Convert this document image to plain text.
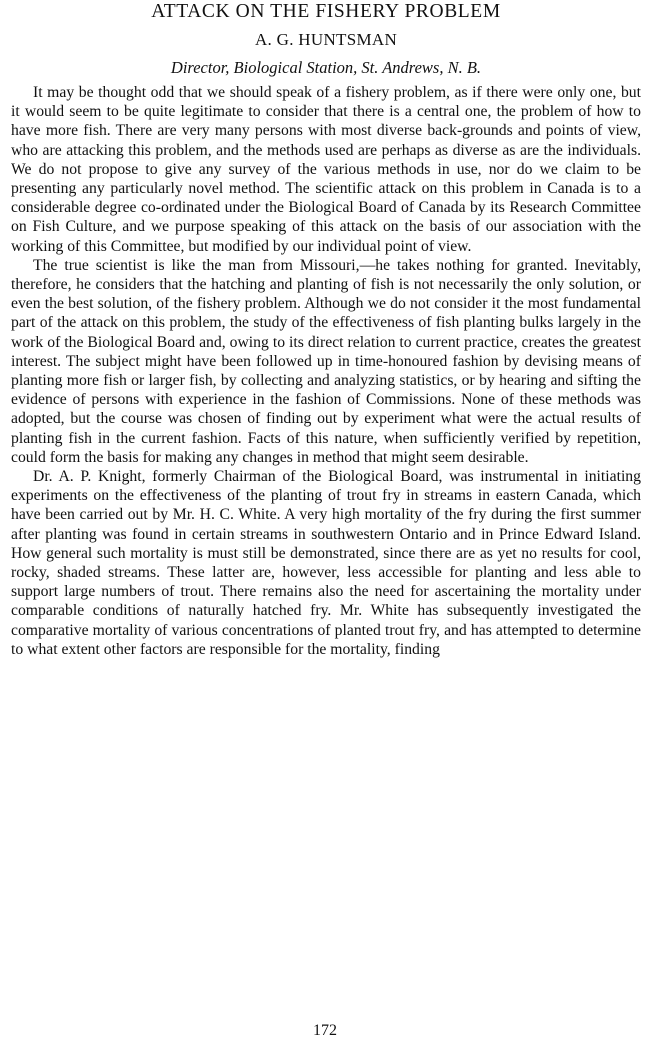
ATTACK ON THE FISHERY PROBLEM

A. G. HUNTSMAN

Director, Biological Station, St. Andrews, N. B.

It may be thought odd that we should speak of a fishery problem, as if there were only one, but it would seem to be quite legitimate to consider that there is a central one, the problem of how to have more fish. There are very many persons with most diverse back-grounds and points of view, who are attacking this problem, and the methods used are perhaps as diverse as are the individuals. We do not propose to give any survey of the various methods in use, nor do we claim to be presenting any particularly novel method. The scientific attack on this problem in Canada is to a considerable degree co-ordinated under the Biological Board of Canada by its Research Committee on Fish Culture, and we purpose speaking of this attack on the basis of our association with the working of this Committee, but modified by our individual point of view.

The true scientist is like the man from Missouri,—he takes nothing for granted. Inevitably, therefore, he considers that the hatching and planting of fish is not necessarily the only solution, or even the best solution, of the fishery problem. Although we do not consider it the most fundamental part of the attack on this problem, the study of the effectiveness of fish planting bulks largely in the work of the Biological Board and, owing to its direct relation to current practice, creates the greatest interest. The subject might have been followed up in time-honoured fashion by devising means of planting more fish or larger fish, by collecting and analyzing statistics, or by hearing and sifting the evidence of persons with experience in the fashion of Commissions. None of these methods was adopted, but the course was chosen of finding out by experiment what were the actual results of planting fish in the current fashion. Facts of this nature, when sufficiently verified by repetition, could form the basis for making any changes in method that might seem desirable.

Dr. A. P. Knight, formerly Chairman of the Biological Board, was instrumental in initiating experiments on the effectiveness of the planting of trout fry in streams in eastern Canada, which have been carried out by Mr. H. C. White. A very high mortality of the fry during the first summer after planting was found in certain streams in southwestern Ontario and in Prince Edward Island. How general such mortality is must still be demonstrated, since there are as yet no results for cool, rocky, shaded streams. These latter are, however, less accessible for planting and less able to support large numbers of trout. There remains also the need for ascertaining the mortality under comparable conditions of naturally hatched fry. Mr. White has subsequently investigated the comparative mortality of various concentrations of planted trout fry, and has attempted to determine to what extent other factors are responsible for the mortality, finding

172
